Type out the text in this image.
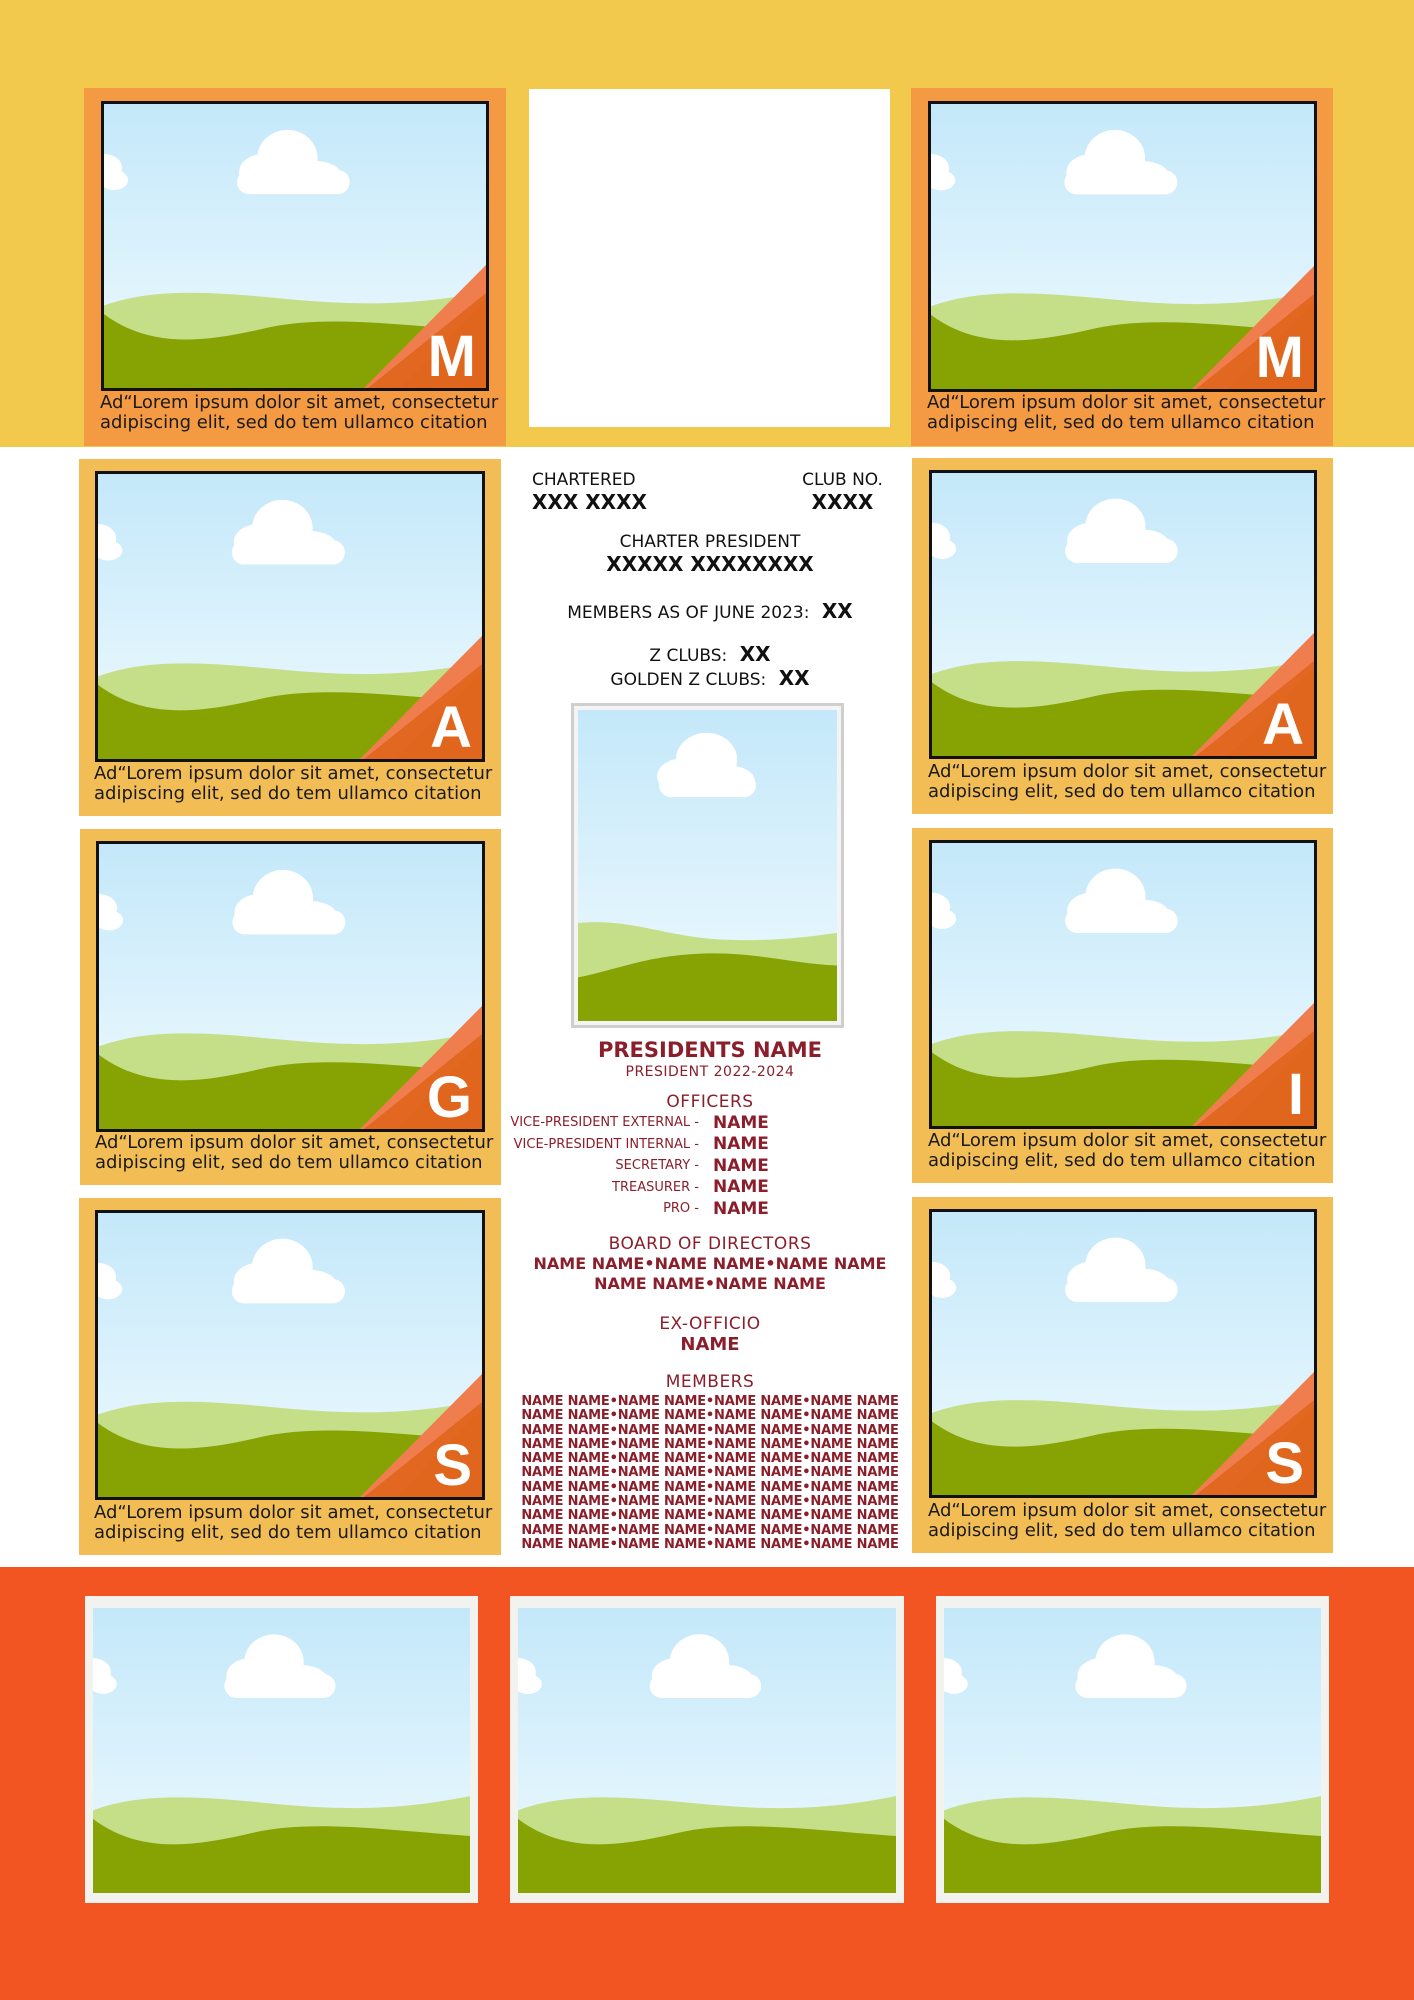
M
Ad“Lorem ipsum dolor sit amet, consectetur
adipiscing elit, sed do tem ullamco citation
M
Ad“Lorem ipsum dolor sit amet, consectetur
adipiscing elit, sed do tem ullamco citation
A
Ad“Lorem ipsum dolor sit amet, consectetur
adipiscing elit, sed do tem ullamco citation
A
Ad“Lorem ipsum dolor sit amet, consectetur
adipiscing elit, sed do tem ullamco citation
G
Ad“Lorem ipsum dolor sit amet, consectetur
adipiscing elit, sed do tem ullamco citation
I
Ad“Lorem ipsum dolor sit amet, consectetur
adipiscing elit, sed do tem ullamco citation
S
Ad“Lorem ipsum dolor sit amet, consectetur
adipiscing elit, sed do tem ullamco citation
S
Ad“Lorem ipsum dolor sit amet, consectetur
adipiscing elit, sed do tem ullamco citation
CHARTERED
XXX XXXX
CLUB NO.
XXXX
CHARTER PRESIDENT
XXXXX XXXXXXXX
MEMBERS AS OF JUNE 2023: XX
Z CLUBS: XX
GOLDEN Z CLUBS: XX
PRESIDENTS NAME
PRESIDENT 2022-2024
OFFICERS
VICE-PRESIDENT EXTERNAL - NAME
VICE-PRESIDENT INTERNAL - NAME
SECRETARY - NAME
TREASURER - NAME
PRO - NAME
BOARD OF DIRECTORS
NAME NAME•NAME NAME•NAME NAME
NAME NAME•NAME NAME
EX-OFFICIO
NAME
MEMBERS
NAME NAME•NAME NAME•NAME NAME•NAME NAME
NAME NAME•NAME NAME•NAME NAME•NAME NAME
NAME NAME•NAME NAME•NAME NAME•NAME NAME
NAME NAME•NAME NAME•NAME NAME•NAME NAME
NAME NAME•NAME NAME•NAME NAME•NAME NAME
NAME NAME•NAME NAME•NAME NAME•NAME NAME
NAME NAME•NAME NAME•NAME NAME•NAME NAME
NAME NAME•NAME NAME•NAME NAME•NAME NAME
NAME NAME•NAME NAME•NAME NAME•NAME NAME
NAME NAME•NAME NAME•NAME NAME•NAME NAME
NAME NAME•NAME NAME•NAME NAME•NAME NAME
